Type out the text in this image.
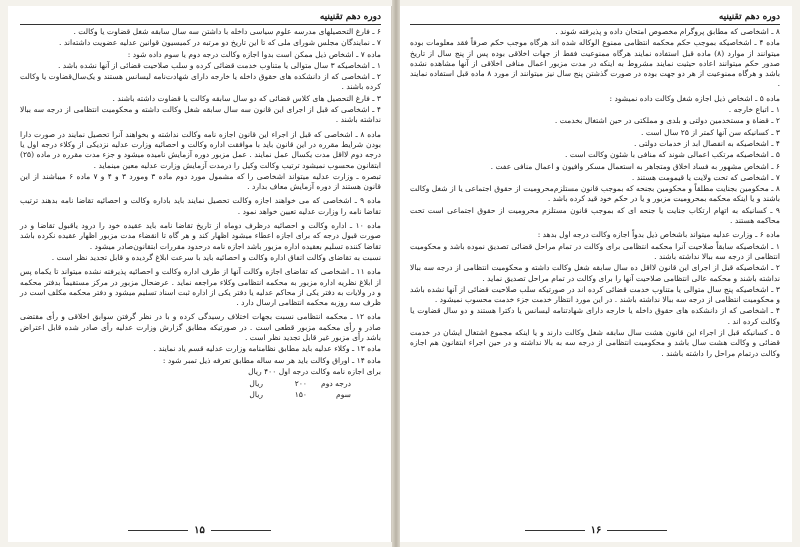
دوره دهم تقنینیه

۶ ـ فارغ التحصیلهای مدرسه علوم سیاسی داخله با داشتن سه سال سابقه شغل قضاوت یا وکالت .

۷ ـ نمایندگان مجلس شورای ملی که تا این تاریخ دو مرتبه در کمیسیون قوانین عدلیه عضویت داشته‌اند .

ماده ۷ ـ اشخاص ذیل ممکن است بدوا اجازه وکالت درجه دوم یا سوم داده شود :

۱ ـ اشخاصیکه ۳ سال متوالی یا متناوب خدمت قضائی کرده و سلب صلاحیت قضائی از آنها نشده باشد .

۲ ـ اشخاصی که از دانشکده های حقوق داخله یا خارجه دارای شهادت‌نامه لیسانس هستند و یک‌سال‌قضاوت یا وکالت کرده باشند .

۳ ـ فارغ التحصیل های کلاس قضائی که دو سال سابقه وکالت یا قضاوت داشته باشند .

۴ ـ اشخاصی که قبل از اجرای این قانون ‌سه سال سابقه شغل وکالت داشته و محکومیت انتظامی از درجه سه ببالا نداشته باشند .

ماده ۸ ـ اشخاصی که قبل از اجراء این قانون اجازه نامه وکالت نداشته و بخواهند آنرا تحصیل نمایند در صورت دارا بودن شرایط مقرره در این قانون باید با موافقت اداره وکالت و احصائیه وزارت عدلیه نزدیکی از وکلاء درجه اول یا درجه دوم لااقل مدت یکسال عمل نمایند . عمل مزبور دوره آزمایش نامیده میشود و جزء مدت مقرره در ماده (۲۵) ابتقانون محسوب نمیشود ترتیب وکالت وکیل را درمدت آزمایش وزارت عدلیه معین مینماید .

تبصره ـ وزارت عدلیه میتواند اشخاصی را که مشمول مورد دوم ماده ۳ ومورد ۳ و ۴ و ۷ ماده ۶ میباشند از این قانون هستند از دوره آزمایش معاف بدارد .

ماده ۹ ـ اشخاصی که می خواهند اجازه وکالت تحصیل نمایند باید باداره وکالت و احصائیه تقاضا نامه بدهند ترتیب تقاضا نامه را وزارت عدلیه تعیین خواهد نمود .

ماده ۱۰ ـ اداره وکالت و احصائیه درظرف دوماه از تاریخ تقاضا نامه باید عقیده خود را درود یاقبول تقاضا و در صورت قبول درجه که برای اجازه اعطاء میشود اظهار کند و هر گاه تا انقضاء مدت مزبور اظهار عقیده نکرده باشد تقاضا کننده تسلیم بعقیده اداره مزبور باشد اجازه نامه درحدود مقررات ابتقانون‌صادر میشود .

نسبت به تقاضای وکالت اتفاق اداره وکالت و احصائیه باید با سرعت ابلاغ گردیده و قابل تجدید نظر است .

ماده ۱۱ ـ اشخاصی که تقاضای اجازه وکالت آنها از طرف اداره وکالت و احصائیه پذیرفته نشده میتواند تا یکماه پس از ابلاغ نظریه اداره مزبور به محکمه انتظامی وکلاء مراجعه نماید . عرضحال مزبور در مرکز مستقیماً بدفتر محکمه و در ولایات به دفتر یکی از محاکم عدلیه یا دفتر یکی از اداره ثبت اسناد تسلیم میشود و دفتر محکمه مکلف است در ظرف سه روزبه محکمه انتظامی ارسال دارد .

ماده ۱۲ ـ محکمه انتظامی نسبت بجهات اختلاف رسیدگی کرده و با در نظر گرفتن سوابق اخلاقی و رأی مقتضی صادر و رأی محکمه مزبور قطعی است . در صورتیکه مطابق گزارش وزارت عدلیه رأی صادر شده قابل اعتراض باشد رأی مزبور غیر قابل تجدید نظر است .

ماده ۱۳ ـ وکلاء عدلیه باید مطابق نظامنامه وزارت عدلیه قسم یاد نمایند .

ماده ۱۴ ـ اوراق وکالت باید هر سه ساله مطابق تعرفه ذیل تمبر شود :

برای اجازه نامه وکالت درجه اول ۴۰۰ ریال

درجه دوم
۲۰۰
ریال
سوم
۱۵۰
ریال
۱۵
دوره دهم تقنینیه

۸ ـ اشخاصی که مطابق پروگرام مخصوص امتحان داده و پذیرفته شوند .

ماده ۴ ـ اشخاصیکه بموجب حکم محکمه انتظامی ممنوع الوکاله شده اند هرگاه موجب حکم صرفاً فقد معلومات بوده میتوانند از موارد (۸) ماده قبل استفاده نمایند هرگاه ممنوعیت فقط از جهات اخلاقی بوده پس از پنج سال از تاریخ صدور حکم میتوانند اعاده حیثیت نمایند مشروط به اینکه در مدت مزبور اعمال منافی اخلاقی از آنها مشاهده نشده باشد و هرگاه ممنوعیت از هر دو جهت بوده در صورت گذشتن پنج سال نیز میتوانند از مورد ۸ ماده قبل استفاده نمایند .

ماده ۵ ـ اشخاص ذیل اجازه شغل وکالت داده نمیشود :

۱ ـ اتباع خارجه .

۲ ـ قضاة و مستخدمین دولتی و بلدی و مملکتی در حین اشتغال بخدمت .

۳ ـ کسانیکه سن آنها کمتر از ۲۵ سال است .

۴ ـ اشخاصیکه به انفصال ابد از خدمات دولتی .

۵ ـ اشخاصیکه مرتکب اعمالی شوند که منافی با شئون وکالت است .

۶ ـ اشخاص مشهور به فساد اخلاق ومتجاهر به استعمال مسکر وافیون و اعمال منافی عفت .

۷ ـ اشخاصی که تحت ولایت یا قیمومت هستند .

۸ ـ محکومین بجنایت مطلقاً و محکومین بجنحه که بموجب قانون مستلزم‌محرومیت از حقوق اجتماعی یا از شغل وکالت باشند و یا اینکه محکمه بمحرومیت مزبور و یا در حکم خود قید کرده باشد .

۹ ـ کسانیکه به اتهام ارتکاب جنایت یا جنحه ای که بموجب قانون مستلزم محرومیت از حقوق اجتماعی است تحت محاکمه هستند .

ماده ۶ ـ وزارت عدلیه میتواند باشخاص ذیل بدواً اجازه وکالت درجه اول بدهد :

۱ ـ اشخاصیکه سابقاً صلاحیت آنرا محکمه انتظامی برای وکالت در تمام مراحل قضائی تصدیق نموده باشد و محکومیت انتظامی از درجه سه ببالا نداشته باشند .

۲ ـ اشخاصیکه قبل از اجرای این قانون لااقل ده سال سابقه شغل وکالت داشته و محکومیت انتظامی از درجه سه ببالا نداشته باشند و محکمه عالی انتظامی صلاحیت آنها را برای وکالت در تمام مراحل تصدیق نماید .

۳ ـ اشخاصیکه پنج سال متوالی یا متناوب خدمت قضائی کرده اند در صورتیکه سلب صلاحیت قضائی از آنها نشده باشد و محکومیت انتظامی از درجه سه ببالا نداشته باشند . در این مورد انتظار خدمت جزء خدمت محسوب نمیشود .

۴ ـ اشخاصی که از دانشکده های حقوق داخله یا خارجه دارای شهادتنامه لیسانس یا دکترا هستند و دو سال قضاوت یا وکالت کرده اند .

۵ ـ کسانیکه قبل از اجراء این قانون هشت سال سابقه شغل وکالت دارند و یا اینکه مجموع اشتغال ایشان در خدمت قضائی و وکالت هشت سال باشد و محکومیت انتظامی از درجه سه به بالا نداشته و در حین اجراء ابتقانون هم اجازه وکالت درتمام مراحل را داشته باشند .

۱۶
